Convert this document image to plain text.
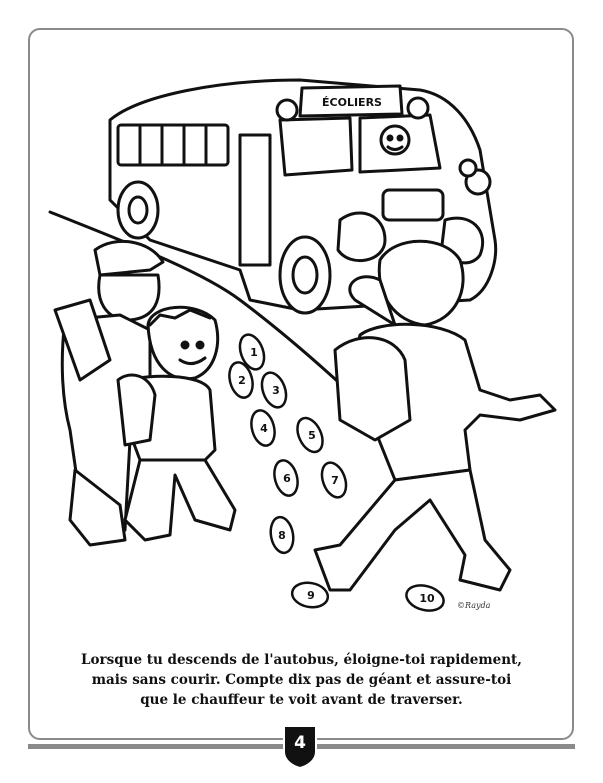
ÉCOLIERS
1
2
3
4
5
6	7
8
9	10
©Rayda
Lorsque tu descends de l'autobus, éloigne-toi rapidement,
mais sans courir. Compte dix pas de géant et assure-toi
que le chauffeur te voit avant de traverser.
4
